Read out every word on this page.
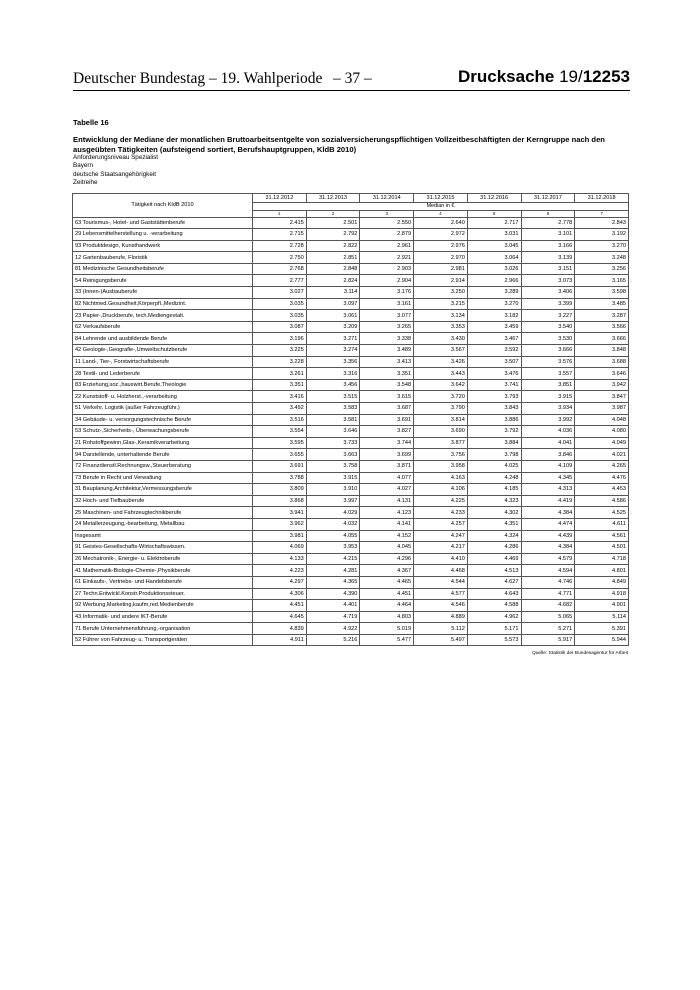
Deutscher Bundestag – 19. Wahlperiode – 37 –	Drucksache 19/12253
Tabelle 16
Entwicklung der Mediane der monatlichen Bruttoarbeitsentgelte von sozialversicherungspflichtigen Vollzeitbeschäftigten der Kerngruppe nach den ausgeübten Tätigkeiten (aufsteigend sortiert, Berufshauptgruppen, KldB 2010)
Anforderungsniveau Spezialist
Bayern
deutsche Staatsangehörigkeit
Zeitreihe
Tätigkeit nach KldB 2010	31.12.2012	31.12.2013	31.12.2014	31.12.2015	31.12.2016	31.12.2017	31.12.2018
	Median in €						
	1	2	3	4	5	6	7
63 Tourismus-, Hotel- und Gaststättenberufe	2.415	2.501	2.550	2.640	2.717	2.778	2.843
29 Lebensmittelherstellung u. -verarbeitung	2.715	2.792	2.879	2.972	3.031	3.101	3.192
93 Produktdesign, Kunsthandwerk	2.728	2.822	2.961	2.976	3.045	3.166	3.270
12 Gartenbauberufe, Floristik	2.750	2.851	2.921	2.970	3.064	3.139	3.248
81 Medizinische Gesundheitsberufe	2.768	2.848	2.903	2.981	3.026	3.151	3.256
54 Reinigungsberufe	2.777	2.824	2.904	2.914	2.966	3.073	3.165
33 (Innen-)Ausbauberufe	3.027	3.114	3.176	3.250	3.289	3.406	3.598
82 Nichtmed.Gesundheit,Körperpfl.,Medizint.	3.035	3.097	3.161	3.215	3.270	3.399	3.485
23 Papier-,Druckberufe, tech.Mediengestalt.	3.035	3.061	3.077	3.134	3.182	3.227	3.287
62 Verkaufsberufe	3.087	3.209	3.265	3.353	3.459	3.540	3.566
84 Lehrende und ausbildende Berufe	3.196	3.271	3.338	3.430	3.467	3.530	3.666
42 Geologie-,Geografie-,Umweltschutzberufe	3.225	3.274	3.489	3.567	3.592	3.666	3.848
11 Land-, Tier-, Forstwirtschaftsberufe	3.228	3.356	3.413	3.426	3.507	3.576	3.688
28 Textil- und Lederberufe	3.261	3.316	3.351	3.443	3.476	3.557	3.646
83 Erziehung,soz.,hauswirt.Berufe,Theologie	3.351	3.456	3.548	3.642	3.741	3.851	3.942
22 Kunststoff- u. Holzherst.,-verarbeitung	3.416	3.515	3.615	3.720	3.793	3.915	3.847
51 Verkehr, Logistik (außer Fahrzeugführ.)	3.492	3.583	3.687	3.790	3.843	3.934	3.987
34 Gebäude- u. versorgungstechnische Berufe	3.516	3.581	3.691	3.814	3.886	3.992	4.048
53 Schutz-,Sicherheits-, Überwachungsberufe	3.554	3.646	3.827	3.690	3.792	4.036	4.080
21 Rohstoffgewinn,Glas-,Keramikverarbeitung	3.595	3.733	3.744	3.877	3.884	4.041	4.049
94 Darstellende, unterhaltende Berufe	3.655	3.663	3.699	3.756	3.798	3.846	4.021
72 Finanzdienstl.Rechnungsw.,Steuerberatung	3.691	3.758	3.871	3.958	4.025	4.109	4.265
73 Berufe in Recht und Verwaltung	3.788	3.915	4.077	4.163	4.248	4.345	4.476
31 Bauplanung,Architektur,Vermessungsberufe	3.809	3.910	4.027	4.106	4.185	4.313	4.453
32 Hoch- und Tiefbauberufe	3.868	3.997	4.131	4.225	4.323	4.419	4.586
25 Maschinen- und Fahrzeugtechnikberufe	3.941	4.029	4.123	4.233	4.302	4.384	4.525
24 Metallerzeugung,-bearbeitung, Metallbau	3.962	4.032	4.141	4.257	4.351	4.474	4.611
Insgesamt	3.981	4.055	4.152	4.247	4.324	4.439	4.561
91 Geistes-Gesellschafts-Wirtschaftswissen.	4.069	3.953	4.045	4.217	4.286	4.384	4.501
26 Mechatronik-, Energie- u. Elektroberufe	4.133	4.215	4.296	4.410	4.469	4.579	4.718
41 Mathematik-Biologie-Chemie-,Physikberufe	4.223	4.281	4.367	4.468	4.513	4.594	4.801
61 Einkaufs-, Vertriebs- und Handelsberufe	4.297	4.365	4.465	4.544	4.627	4.746	4.849
27 Techn.Entwickl.Konstr.Produktionssteuer.	4.306	4.390	4.451	4.577	4.643	4.771	4.918
92 Werbung,Marketing,kaufm,red.Medienberufe	4.451	4.401	4.464	4.546	4.588	4.682	4.901
43 Informatik- und andere IKT-Berufe	4.645	4.719	4.803	4.889	4.962	5.065	5.114
71 Berufe Unternehmensführung,-organisation	4.839	4.922	5.019	5.112	5.171	5.271	5.391
52 Führer von Fahrzeug- u. Transportgeräten	4.911	5.216	5.477	5.497	5.573	5.917	5.944
Quelle: Statistik der Bundesagentur für Arbeit
